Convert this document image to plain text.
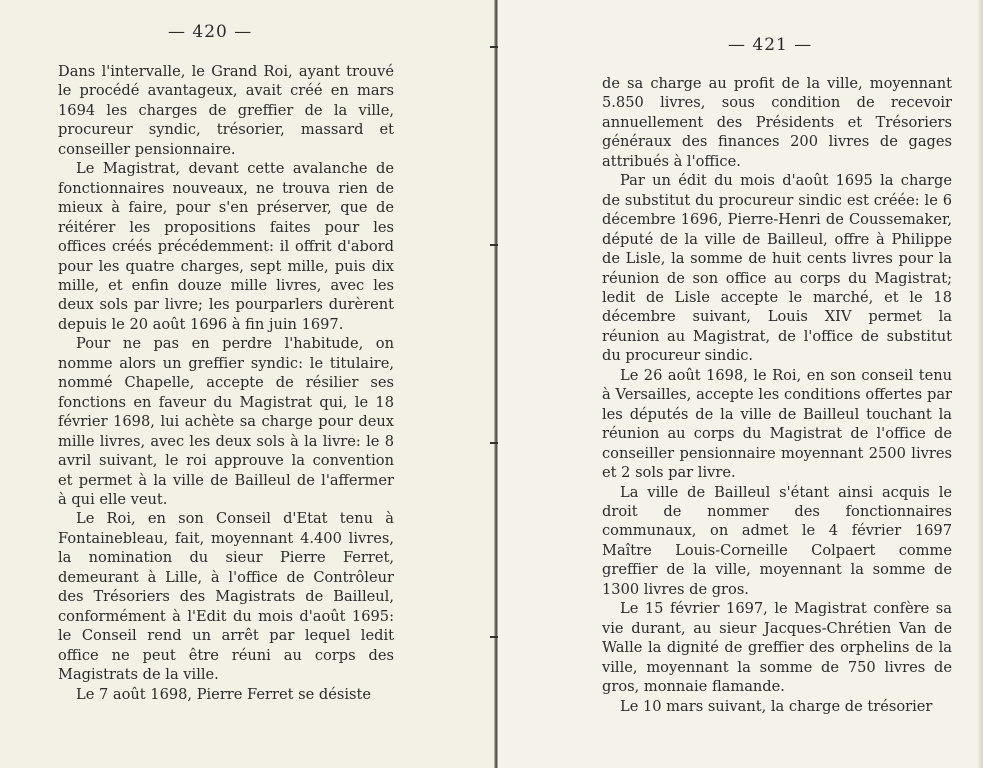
— 420 —

Dans l'intervalle, le Grand Roi, ayant trouvé le procédé avantageux, avait créé en mars 1694 les charges de greffier de la ville, procureur syndic, trésorier, massard et conseiller pensionnaire.

Le Magistrat, devant cette avalanche de fonctionnaires nouveaux, ne trouva rien de mieux à faire, pour s'en préserver, que de réitérer les propositions faites pour les offices créés précédemment: il offrit d'abord pour les quatre charges, sept mille, puis dix mille, et enfin douze mille livres, avec les deux sols par livre; les pourparlers durèrent depuis le 20 août 1696 à fin juin 1697.

Pour ne pas en perdre l'habitude, on nomme alors un greffier syndic: le titulaire, nommé Chapelle, accepte de résilier ses fonctions en faveur du Magistrat qui, le 18 février 1698, lui achète sa charge pour deux mille livres, avec les deux sols à la livre: le 8 avril suivant, le roi approuve la convention et permet à la ville de Bailleul de l'affermer à qui elle veut.

Le Roi, en son Conseil d'Etat tenu à Fontainebleau, fait, moyennant 4.400 livres, la nomination du sieur Pierre Ferret, demeurant à Lille, à l'office de Contrôleur des Trésoriers des Magistrats de Bailleul, conformément à l'Edit du mois d'août 1695: le Conseil rend un arrêt par lequel ledit office ne peut être réuni au corps des Magistrats de la ville.

Le 7 août 1698, Pierre Ferret se désiste

— 421 —

de sa charge au profit de la ville, moyennant 5.850 livres, sous condition de recevoir annuellement des Présidents et Trésoriers généraux des finances 200 livres de gages attribués à l'office.

Par un édit du mois d'août 1695 la charge de substitut du procureur sindic est créée: le 6 décembre 1696, Pierre-Henri de Coussemaker, député de la ville de Bailleul, offre à Philippe de Lisle, la somme de huit cents livres pour la réunion de son office au corps du Magistrat; ledit de Lisle accepte le marché, et le 18 décembre suivant, Louis XIV permet la réunion au Magistrat, de l'office de substitut du procureur sindic.

Le 26 août 1698, le Roi, en son conseil tenu à Versailles, accepte les conditions offertes par les députés de la ville de Bailleul touchant la réunion au corps du Magistrat de l'office de conseiller pensionnaire moyennant 2500 livres et 2 sols par livre.

La ville de Bailleul s'étant ainsi acquis le droit de nommer des fonctionnaires communaux, on admet le 4 février 1697 Maître Louis-Corneille Colpaert comme greffier de la ville, moyennant la somme de 1300 livres de gros.

Le 15 février 1697, le Magistrat confère sa vie durant, au sieur Jacques-Chrétien Van de Walle la dignité de greffier des orphelins de la ville, moyennant la somme de 750 livres de gros, monnaie flamande.

Le 10 mars suivant, la charge de trésorier
